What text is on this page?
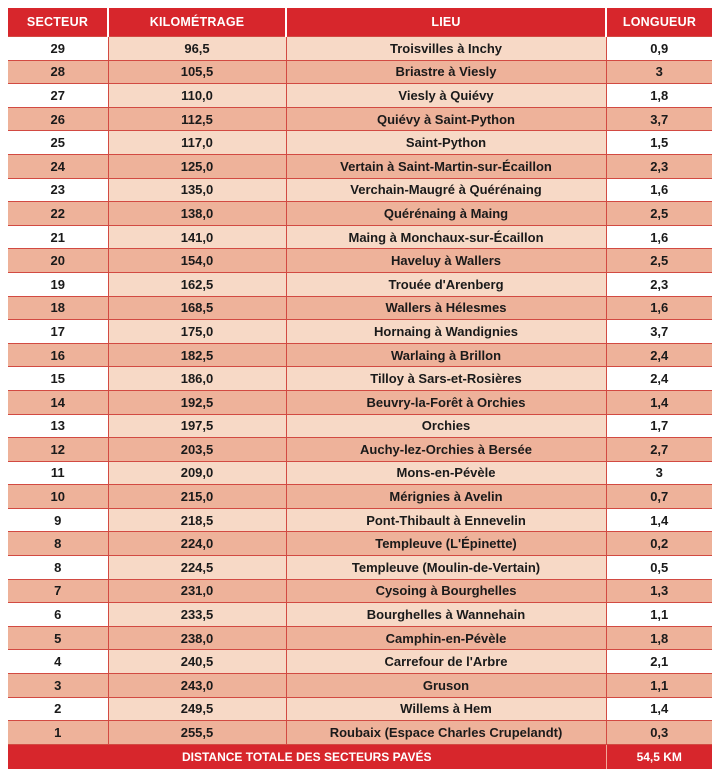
SECTEUR	KILOMÉTRAGE	LIEU	LONGUEUR
29	96,5	Troisvilles à Inchy	0,9
28	105,5	Briastre à Viesly	3
27	110,0	Viesly à Quiévy	1,8
26	112,5	Quiévy à Saint-Python	3,7
25	117,0	Saint-Python	1,5
24	125,0	Vertain à Saint-Martin-sur-Écaillon	2,3
23	135,0	Verchain-Maugré à Quérénaing	1,6
22	138,0	Quérénaing à Maing	2,5
21	141,0	Maing à Monchaux-sur-Écaillon	1,6
20	154,0	Haveluy à Wallers	2,5
19	162,5	Trouée d'Arenberg	2,3
18	168,5	Wallers à Hélesmes	1,6
17	175,0	Hornaing à Wandignies	3,7
16	182,5	Warlaing à Brillon	2,4
15	186,0	Tilloy à Sars-et-Rosières	2,4
14	192,5	Beuvry-la-Forêt à Orchies	1,4
13	197,5	Orchies	1,7
12	203,5	Auchy-lez-Orchies à Bersée	2,7
11	209,0	Mons-en-Pévèle	3
10	215,0	Mérignies à Avelin	0,7
9	218,5	Pont-Thibault à Ennevelin	1,4
8	224,0	Templeuve (L'Épinette)	0,2
8	224,5	Templeuve (Moulin-de-Vertain)	0,5
7	231,0	Cysoing à Bourghelles	1,3
6	233,5	Bourghelles à Wannehain	1,1
5	238,0	Camphin-en-Pévèle	1,8
4	240,5	Carrefour de l'Arbre	2,1
3	243,0	Gruson	1,1
2	249,5	Willems à Hem	1,4
1	255,5	Roubaix (Espace Charles Crupelandt)	0,3
DISTANCE TOTALE DES SECTEURS PAVÉS			54,5 KM
